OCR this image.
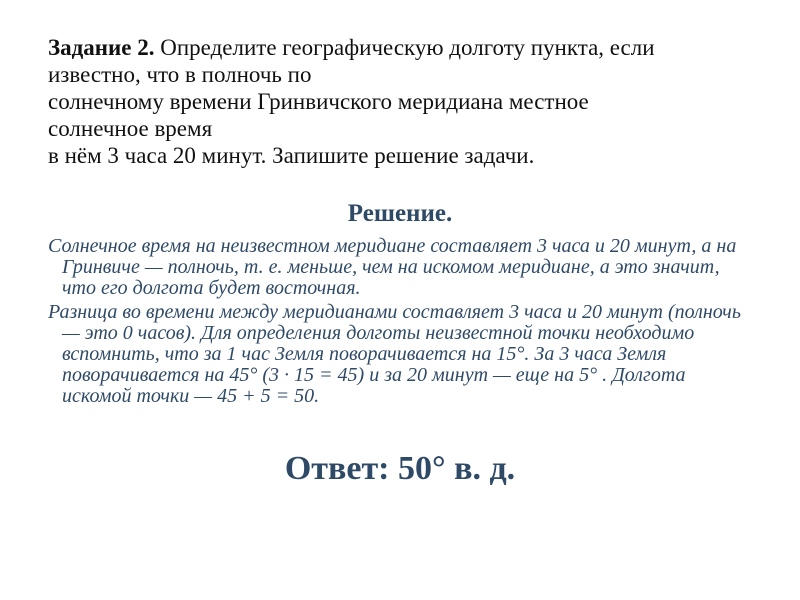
Задание 2. Определите географическую долготу пункта, если
известно, что в полночь по
солнечному времени Гринвичского меридиана местное
солнечное время
в нём 3 часа 20 минут. Запишите решение задачи.
Решение.
Солнечное время на неизвестном меридиане составляет 3 часа и 20 минут, а на Гринвиче — полночь, т. е. меньше, чем на искомом меридиане, а это значит, что его долгота будет восточная.
Разница во времени между меридианами составляет 3 часа и 20 минут (полночь — это 0 часов). Для определения долготы неизвестной точки необходимо вспомнить, что за 1 час Земля поворачивается на 15°. За 3 часа Земля поворачивается на 45° (3 · 15 = 45) и за 20 минут — еще на 5° . Долгота искомой точки — 45 + 5 = 50.
Ответ: 50° в. д.
